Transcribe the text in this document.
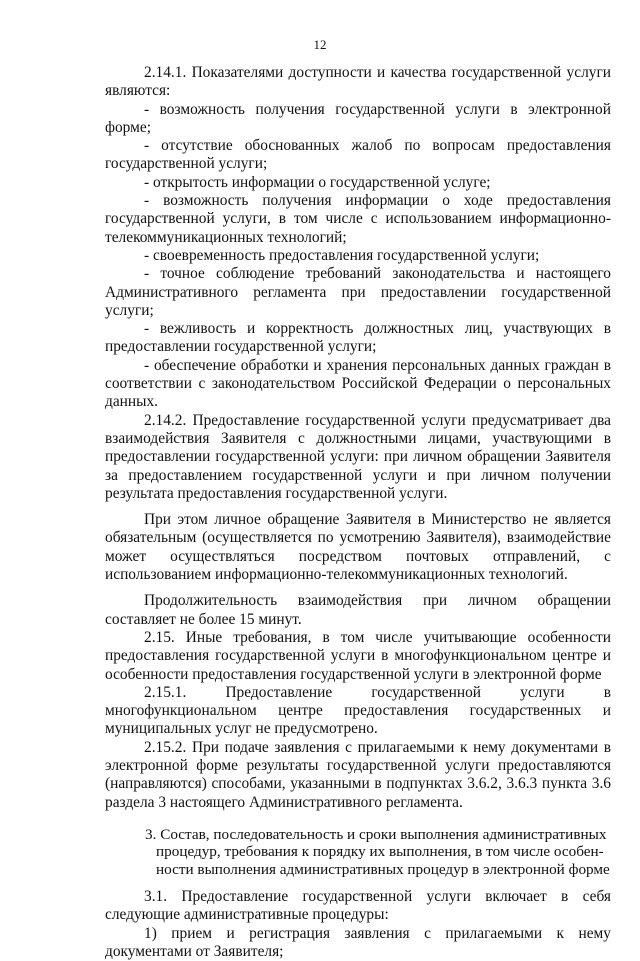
12

2.14.1. Показателями доступности и качества государственной услуги являются:

- возможность получения государственной услуги в электронной форме;

- отсутствие обоснованных жалоб по вопросам предоставления государственной услуги;

- открытость информации о государственной услуге;

- возможность получения информации о ходе предоставления государственной услуги, в том числе с использованием информационно-телекоммуникационных технологий;

- своевременность предоставления государственной услуги;

- точное соблюдение требований законодательства и настоящего Административного регламента при предоставлении государственной услуги;

- вежливость и корректность должностных лиц, участвующих в предоставлении государственной услуги;

- обеспечение обработки и хранения персональных данных граждан в соответствии с законодательством Российской Федерации о персональных данных.

2.14.2. Предоставление государственной услуги предусматривает два взаимодействия Заявителя с должностными лицами, участвующими в предоставлении государственной услуги: при личном обращении Заявителя за предоставлением государственной услуги и при личном получении результата предоставления государственной услуги.

При этом личное обращение Заявителя в Министерство не является обязательным (осуществляется по усмотрению Заявителя), взаимодействие может осуществляться посредством почтовых отправлений, с использованием информационно-телекоммуникационных технологий.

Продолжительность взаимодействия при личном обращении составляет не более 15 минут.

2.15. Иные требования, в том числе учитывающие особенности предоставления государственной услуги в многофункциональном центре и особенности предоставления государственной услуги в электронной форме

2.15.1. Предоставление государственной услуги в многофункциональном центре предоставления государственных и муниципальных услуг не предусмотрено.

2.15.2. При подаче заявления с прилагаемыми к нему документами в электронной форме результаты государственной услуги предоставляются (направляются) способами, указанными в подпунктах 3.6.2, 3.6.3 пункта 3.6 раздела 3 настоящего Административного регламента.

3. Состав, последовательность и сроки выполнения административных
процедур, требования к порядку их выполнения, в том числе особен-
ности выполнения административных процедур в электронной форме

3.1. Предоставление государственной услуги включает в себя следующие административные процедуры:

1) прием и регистрация заявления с прилагаемыми к нему документами от Заявителя;
